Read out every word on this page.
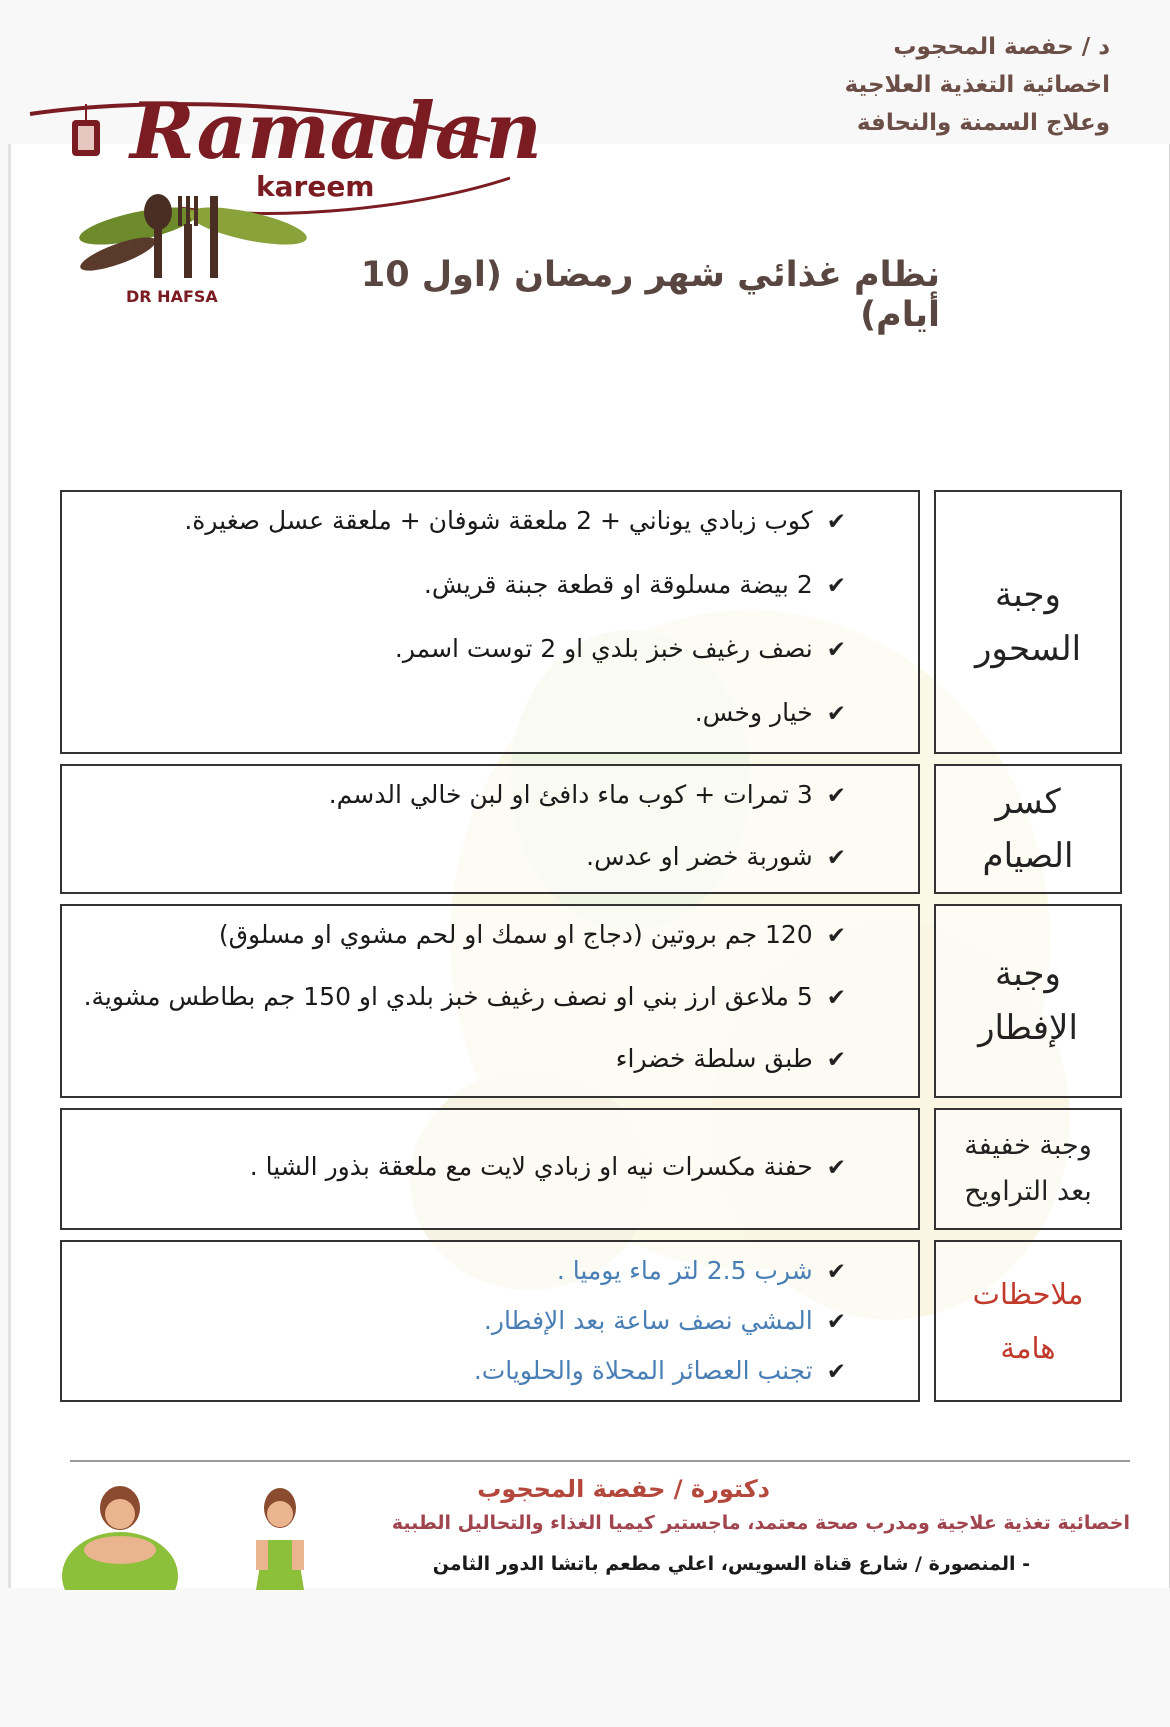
د / حفصة المحجوب
اخصائية التغذية العلاجية
وعلاج السمنة والنحافة
Ramadan
kareem
DR HAFSA
نظام غذائي شهر رمضان (اول 10 أيام)
✔كوب زبادي يوناني + 2 ملعقة شوفان + ملعقة عسل صغيرة.
✔2 بيضة مسلوقة او قطعة جبنة قريش.
✔نصف رغيف خبز بلدي او 2 توست اسمر.
✔خيار وخس.
وجبة
السحور
✔3 تمرات + كوب ماء دافئ او لبن خالي الدسم.
✔شوربة خضر او عدس.
كسر
الصيام
✔120 جم بروتين (دجاج او سمك او لحم مشوي او مسلوق)
✔5 ملاعق ارز بني او نصف رغيف خبز بلدي او 150 جم بطاطس مشوية.
✔طبق سلطة خضراء
وجبة
الإفطار
✔حفنة مكسرات نيه او زبادي لايت مع ملعقة بذور الشيا .
وجبة خفيفة
بعد التراويح
✔شرب 2.5 لتر ماء يوميا .
✔المشي نصف ساعة بعد الإفطار.
✔تجنب العصائر المحلاة والحلويات.
ملاحظات
هامة
دكتورة / حفصة المحجوب
اخصائية تغذية علاجية ومدرب صحة معتمد، ماجستير كيميا الغذاء والتحاليل الطبية
- المنصورة / شارع قناة السويس، اعلي مطعم باتشا الدور الثامن
